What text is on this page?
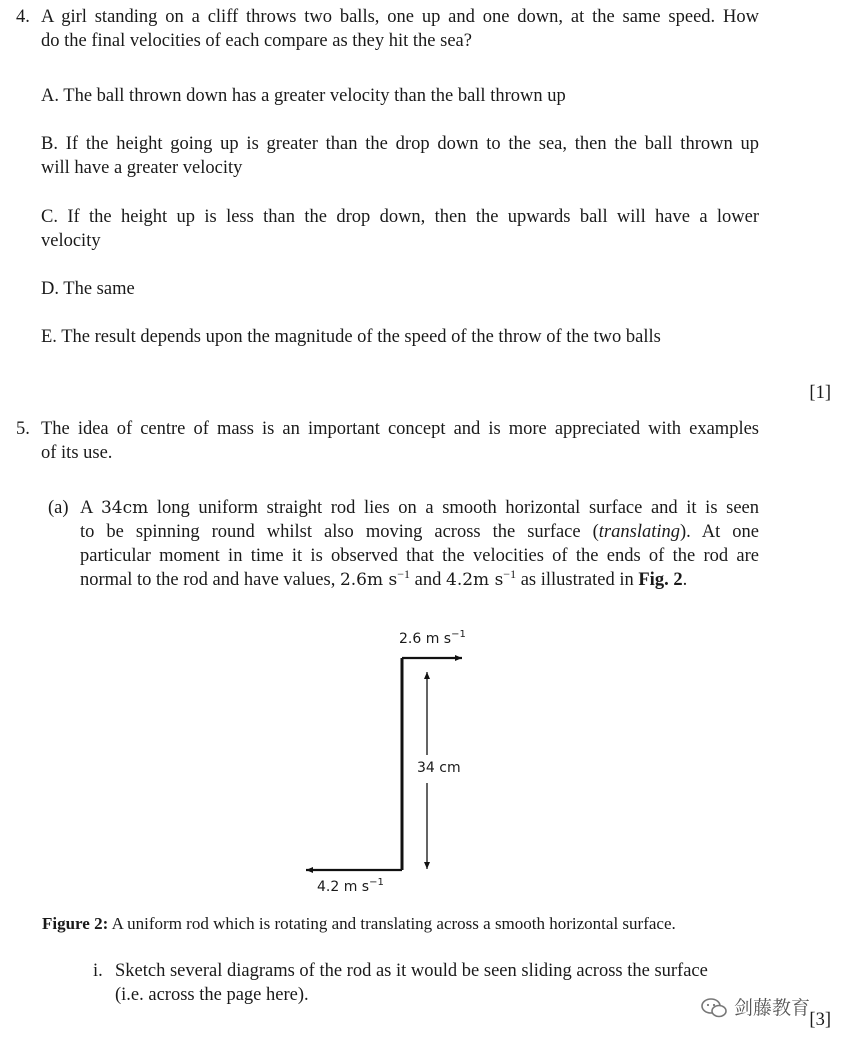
4. A girl standing on a cliff throws two balls, one up and one down, at the same speed. How
do the final velocities of each compare as they hit the sea?
A. The ball thrown down has a greater velocity than the ball thrown up
B. If the height going up is greater than the drop down to the sea, then the ball thrown up
will have a greater velocity
C. If the height up is less than the drop down, then the upwards ball will have a lower
velocity
D. The same
E. The result depends upon the magnitude of the speed of the throw of the two balls
[1]
5. The idea of centre of mass is an important concept and is more appreciated with examples
of its use.
(a) A 34cm long uniform straight rod lies on a smooth horizontal surface and it is seen
to be spinning round whilst also moving across the surface (translating). At one
particular moment in time it is observed that the velocities of the ends of the rod are
normal to the rod and have values, 2.6m $s^{-1}$ and 4.2m $s^{-1}$ as illustrated in Fig. 2.
2.6 m $s^{-1}$
34 cm
4.2 m $s^{-1}$
Figure 2: A uniform rod which is rotating and translating across a smooth horizontal surface.
i. Sketch several diagrams of the rod as it would be seen sliding across the surface
(i.e. across the page here).
[3]
剑藤教育
